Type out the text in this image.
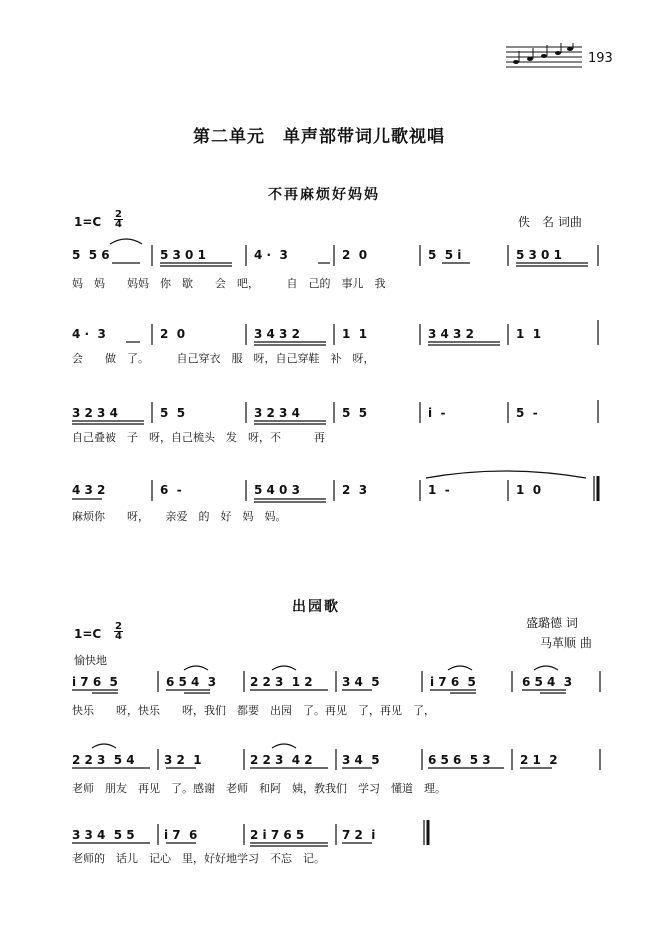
193
第二单元　单声部带词儿歌视唱
不再麻烦好妈妈
1=C
2
4	佚　名 词曲
5  5 6	5 3 0 1	4 ·  3	2  0	5  5 i	5 3 0 1
妈　妈　　妈妈　你　歇　　会　吧，　　　自　己的　事儿　我
4 ·  3	2  0	3 4 3 2	1  1	3 4 3 2	1  1
会　　做　了。　　　自己穿衣　服　呀，自己穿鞋　补　呀，
3 2 3 4	5  5	3 2 3 4	5  5	i  -	5  -
自己叠被　子　呀，自己梳头　发　呀，不　　　再
4 3 2	6  -	5 4 0 3	2  3	1  -	1  0
麻烦你　　呀，　　亲爱　的　好　妈　妈。
出园歌
1=C
2
4
盛璐德 词
马革顺 曲
愉快地
i 7 6  5	6 5 4  3	2 2 3  1 2 3 4  5	i 7 6  5	6 5 4  3
快乐　　呀，快乐　　呀，我们　都要　出园　了。再见　了，再见　了，
2 2 3  5 4 3 2  1	2 2 3  4 2 3 4  5	6 5 6  5 3 2 1  2
老师　朋友　再见　了。感谢　老师　和阿　姨，教我们　学习　懂道　理。
3 3 4  5 5 i 7  6	2 i 7 6 5	7 2  i
老师的　话儿　记心　里，好好地学习　不忘　记。
